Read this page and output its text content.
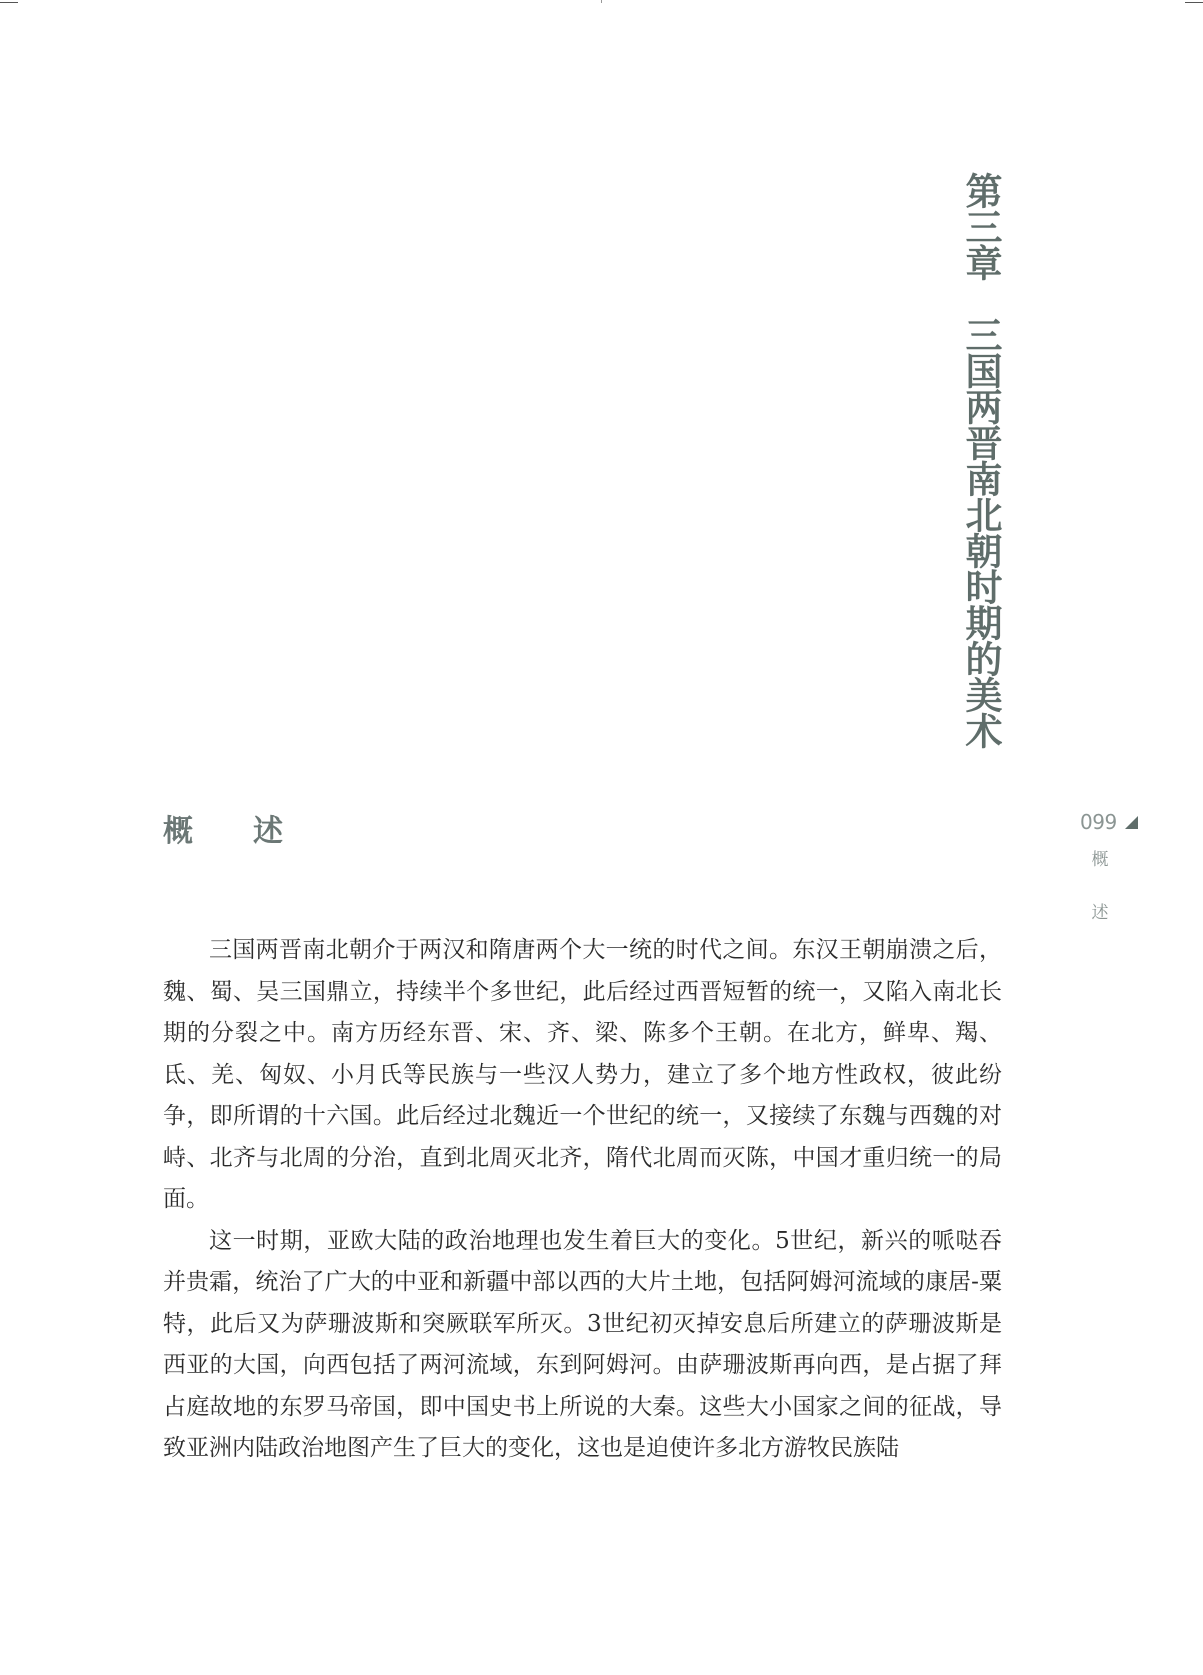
第三章三国两晋南北朝时期的美术
概述	099
概
述

三国两晋南北朝介于两汉和隋唐两个大一统的时代之间。东汉王朝崩溃之后，魏、蜀、吴三国鼎立，持续半个多世纪，此后经过西晋短暂的统一，又陷入南北长期的分裂之中。南方历经东晋、宋、齐、梁、陈多个王朝。在北方，鲜卑、羯、氐、羌、匈奴、小月氏等民族与一些汉人势力，建立了多个地方性政权，彼此纷争，即所谓的十六国。此后经过北魏近一个世纪的统一，又接续了东魏与西魏的对峙、北齐与北周的分治，直到北周灭北齐，隋代北周而灭陈，中国才重归统一的局面。

这一时期，亚欧大陆的政治地理也发生着巨大的变化。5世纪，新兴的哌哒吞并贵霜，统治了广大的中亚和新疆中部以西的大片土地，包括阿姆河流域的康居-粟特，此后又为萨珊波斯和突厥联军所灭。3世纪初灭掉安息后所建立的萨珊波斯是西亚的大国，向西包括了两河流域，东到阿姆河。由萨珊波斯再向西，是占据了拜占庭故地的东罗马帝国，即中国史书上所说的大秦。这些大小国家之间的征战，导致亚洲内陆政治地图产生了巨大的变化，这也是迫使许多北方游牧民族陆
